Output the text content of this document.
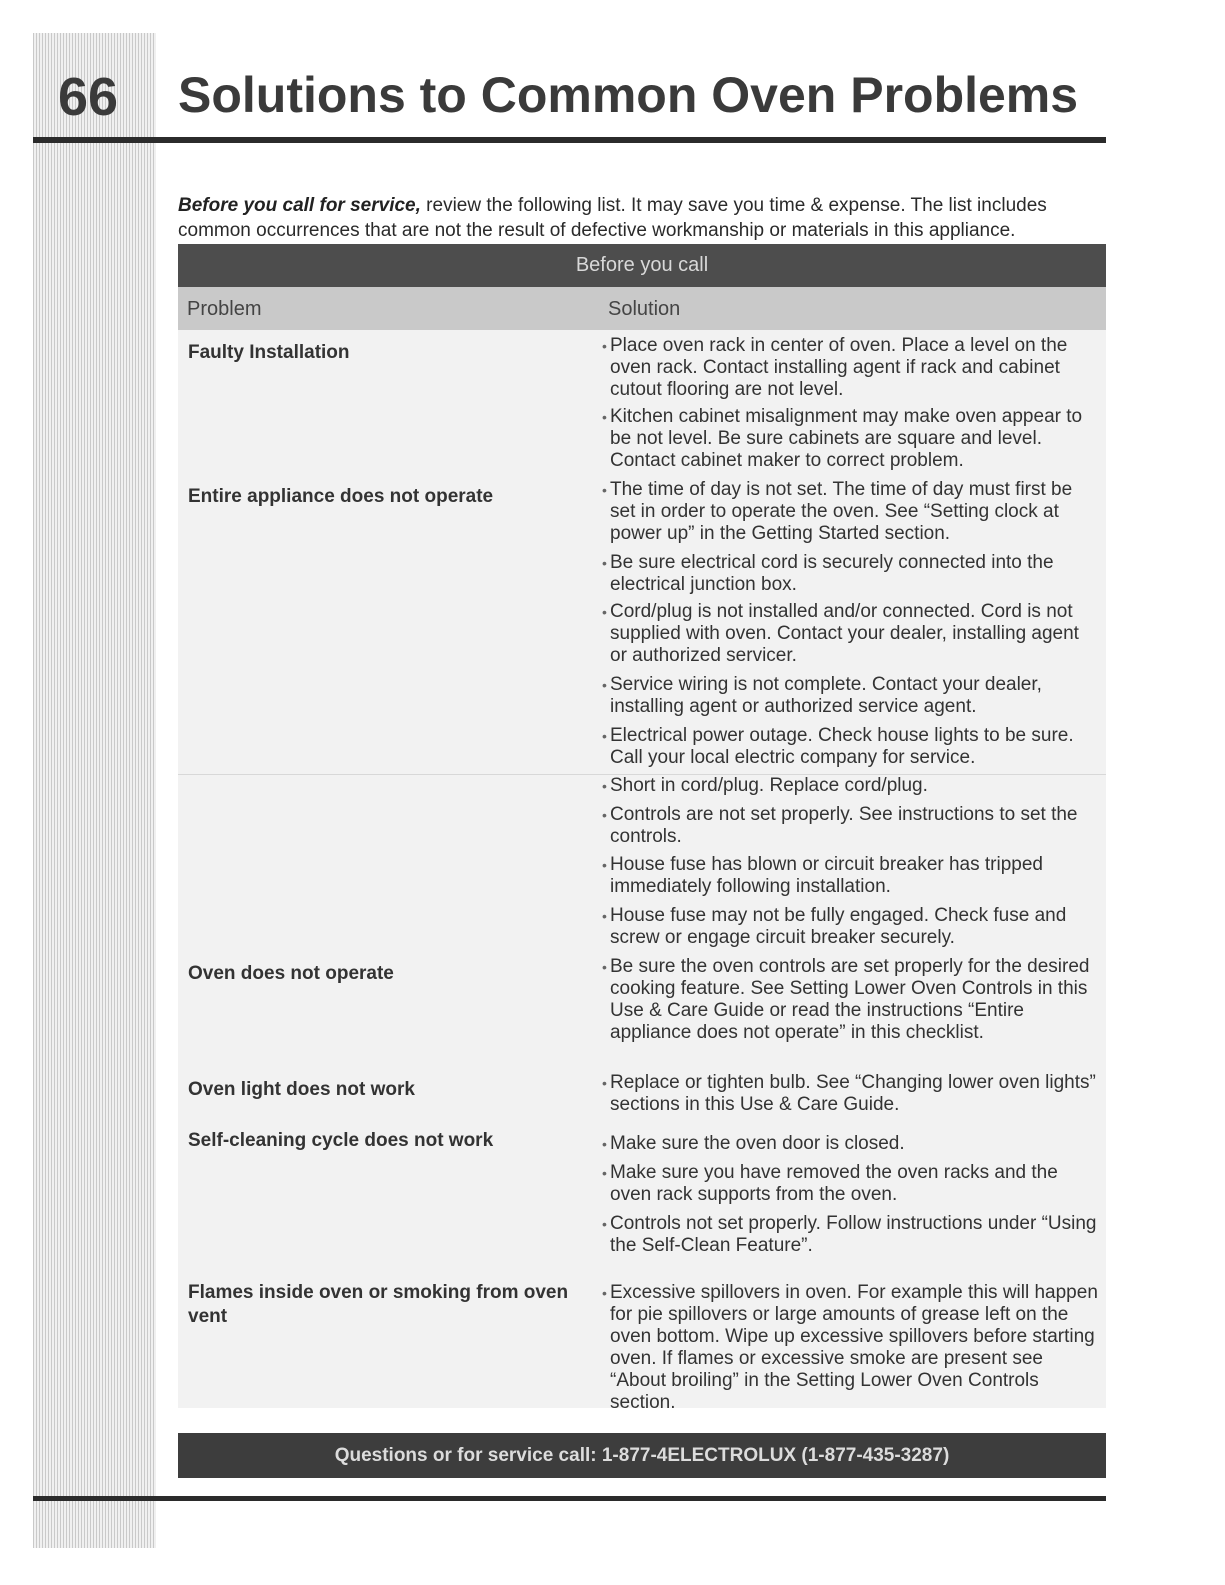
66 Solutions to Common Oven Problems
Before you call for service, review the following list. It may save you time & expense. The list includes common occurrences that are not the result of defective workmanship or materials in this appliance.
Before you call
Problem	Solution
Faulty Installation
Entire appliance does not operate
Oven does not operate
Oven light does not work
Self-cleaning cycle does not work
Flames inside oven or smoking from oven vent
• Place oven rack in center of oven. Place a level on the oven rack. Contact installing agent if rack and cabinet cutout flooring are not level.
• Kitchen cabinet misalignment may make oven appear to be not level. Be sure cabinets are square and level. Contact cabinet maker to correct problem.
• The time of day is not set. The time of day must first be set in order to operate the oven. See “Setting clock at power up” in the Getting Started section.
• Be sure electrical cord is securely connected into the electrical junction box.
• Cord/plug is not installed and/or connected. Cord is not supplied with oven. Contact your dealer, installing agent or authorized servicer.
• Service wiring is not complete. Contact your dealer, installing agent or authorized service agent.
• Electrical power outage. Check house lights to be sure. Call your local electric company for service.
• Short in cord/plug. Replace cord/plug.
• Controls are not set properly. See instructions to set the controls.
• House fuse has blown or circuit breaker has tripped immediately following installation.
• House fuse may not be fully engaged. Check fuse and screw or engage circuit breaker securely.
• Be sure the oven controls are set properly for the desired cooking feature. See Setting Lower Oven Controls in this Use & Care Guide or read the instructions “Entire appliance does not operate” in this checklist.
• Replace or tighten bulb. See “Changing lower oven lights” sections in this Use & Care Guide.
• Make sure the oven door is closed.
• Make sure you have removed the oven racks and the oven rack supports from the oven.
• Controls not set properly. Follow instructions under “Using the Self-Clean Feature”.
• Excessive spillovers in oven. For example this will happen for pie spillovers or large amounts of grease left on the oven bottom. Wipe up excessive spillovers before starting oven. If flames or excessive smoke are present see “About broiling” in the Setting Lower Oven Controls section.
Questions or for service call: 1-877-4ELECTROLUX (1-877-435-3287)
